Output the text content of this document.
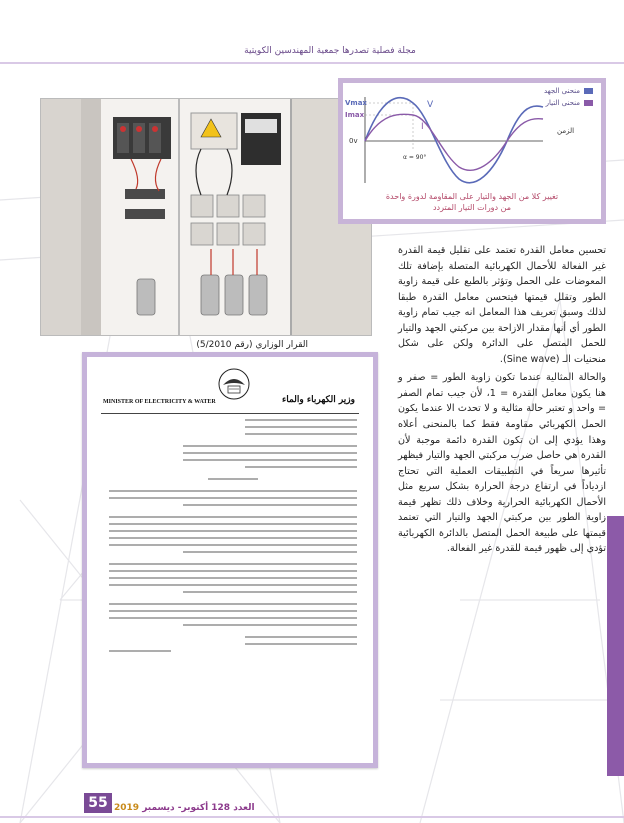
مجلة فصلية تصدرها جمعية المهندسين الكويتية
Vmax
Imax
0v
V
I
α = 90°
الزمن
منحنى الجهد
منحنى التيار
تغيير كلا من الجهد والتيار على المقاومة لدورة واحدة
من دورات التيار المتردد
القرار الوزاري (رقم 5/2010)
MINISTER OF ELECTRICITY & WATER	وزير الكهرباء والماء

تحسين معامل القدرة تعتمد على تقليل قيمة القدرة غير الفعالة للأحمال الكهربائية المتصلة بإضافة تلك المعوضات على الحمل وتؤثر بالطبع على قيمة زاوية الطور وتقلل قيمتها فيتحسن معامل القدرة طبقا لذلك وسبق تعريف هذا المعامل انه جيب تمام زاوية الطور أي أنها مقدار الازاحة بين مركبتي الجهد والتيار للحمل المتصل على الدائرة ولكن على شكل منحنيات الـ (Sine wave).

والحالة المثالية عندما تكون زاوية الطور = صفر و هنا يكون معامل القدرة = 1، لأن جيب تمام الصفر = واحد و تعتبر حالة مثالية و لا تحدث الا عندما يكون الحمل الكهربائي مقاومة فقط كما بالمنحنى أعلاه وهذا يؤدي إلى ان تكون القدرة دائمة موجبة لأن القدرة هي حاصل ضرب مركبتي الجهد والتيار فيظهر تأثيرها سريعاً في التطبيقات العملية التي تحتاج ازدياداً في ارتفاع درجة الحرارة بشكل سريع مثل الأحمال الكهربائية الحرارية وخلاف ذلك تظهر قيمة زاوية الطور بين مركبتي الجهد والتيار التي تعتمد قيمتها على طبيعة الحمل المتصل بالدائرة الكهربائية تؤدي إلى ظهور قيمة للقدرة غير الفعالة.

55	العدد 128 أكتوبر- ديسمبر 2019
